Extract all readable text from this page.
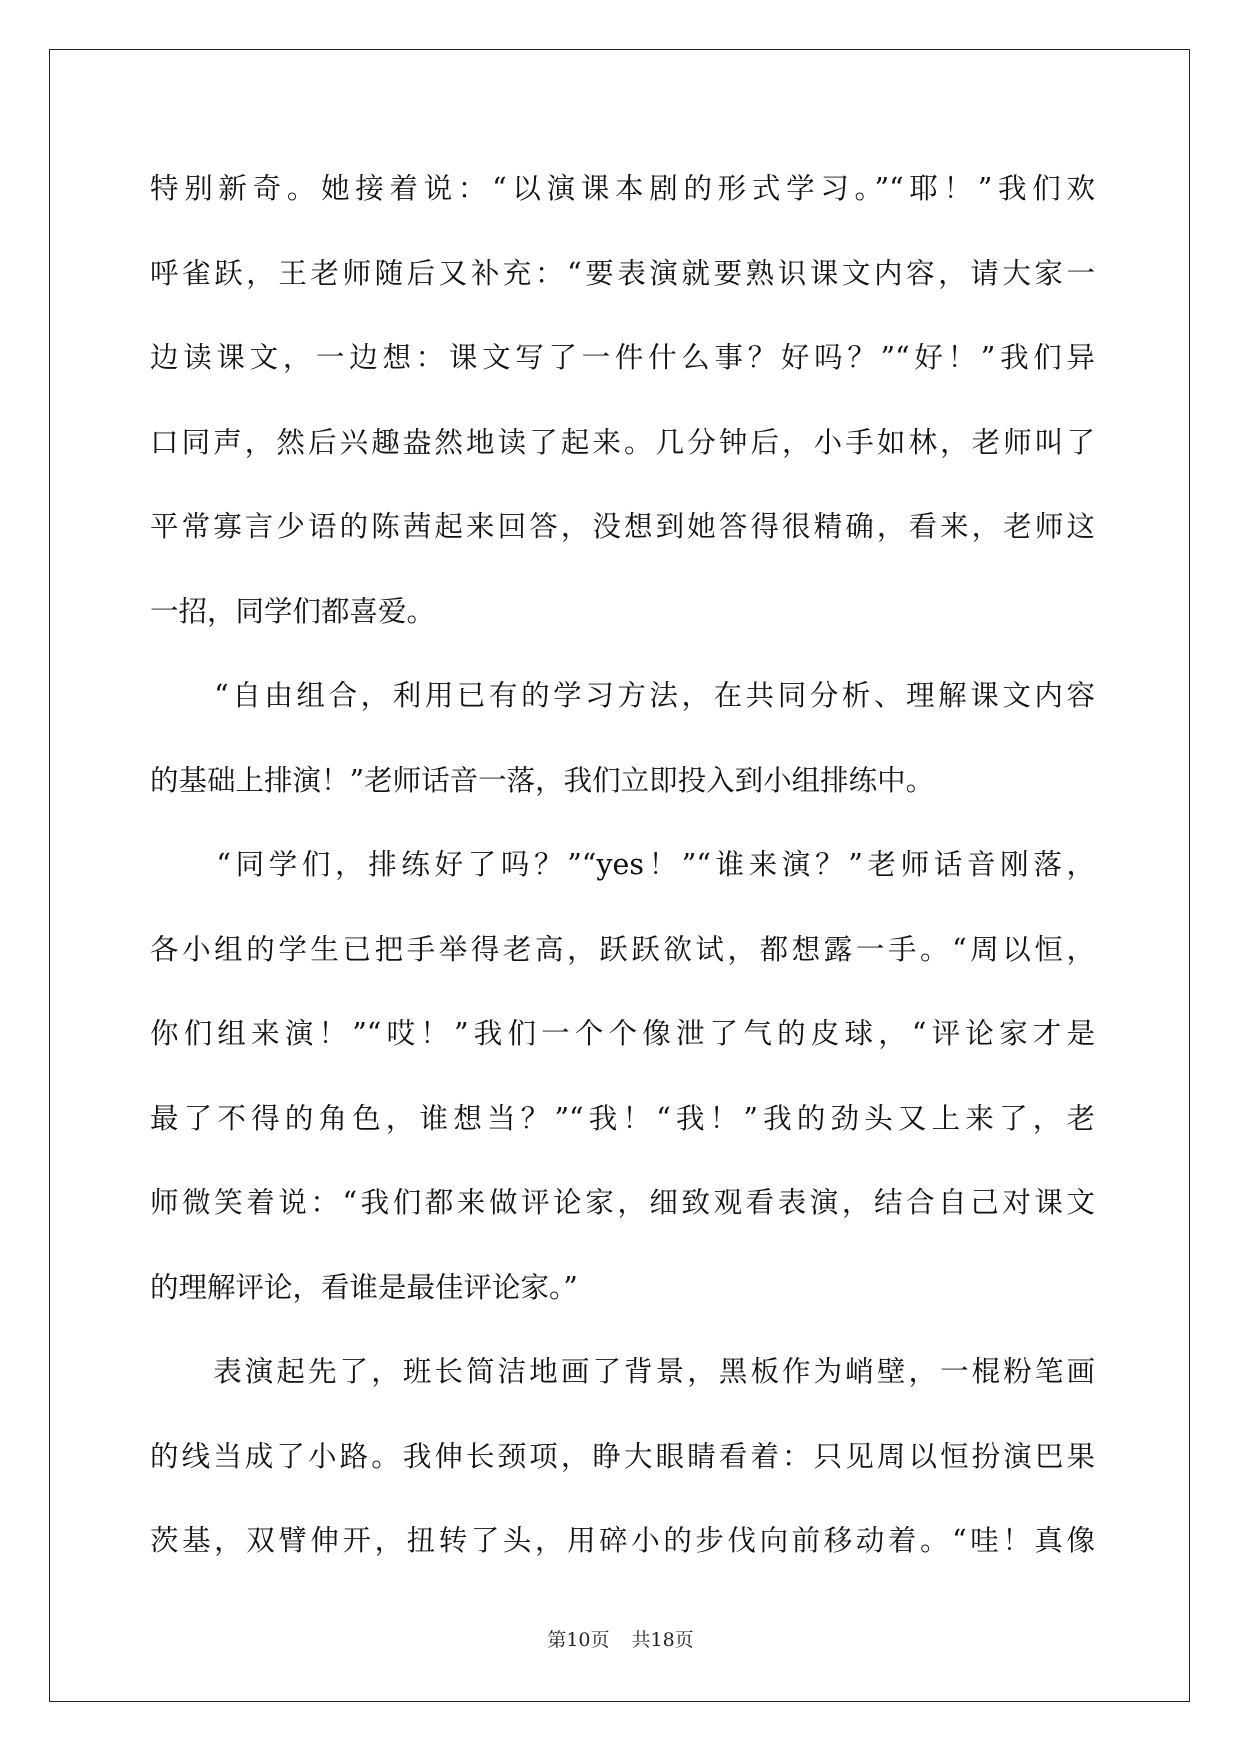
特别新奇。她接着说：“以演课本剧的形式学习。”“耶！”我们欢
呼雀跃，王老师随后又补充：“要表演就要熟识课文内容，请大家一
边读课文，一边想：课文写了一件什么事？好吗？”“好！”我们异
口同声，然后兴趣盎然地读了起来。几分钟后，小手如林，老师叫了
平常寡言少语的陈茜起来回答，没想到她答得很精确，看来，老师这
一招，同学们都喜爱。
　　“自由组合，利用已有的学习方法，在共同分析、理解课文内容
的基础上排演！”老师话音一落，我们立即投入到小组排练中。
　　“同学们，排练好了吗？”“yes！”“谁来演？”老师话音刚落，
各小组的学生已把手举得老高，跃跃欲试，都想露一手。“周以恒，
你们组来演！”“哎！”我们一个个像泄了气的皮球，“评论家才是
最了不得的角色，谁想当？”“我！“我！”我的劲头又上来了，老
师微笑着说：“我们都来做评论家，细致观看表演，结合自己对课文
的理解评论，看谁是最佳评论家。”
　　表演起先了，班长简洁地画了背景，黑板作为峭壁，一棍粉笔画
的线当成了小路。我伸长颈项，睁大眼睛看着：只见周以恒扮演巴果
茨基，双臂伸开，扭转了头，用碎小的步伐向前移动着。“哇！真像
第10页 共18页
